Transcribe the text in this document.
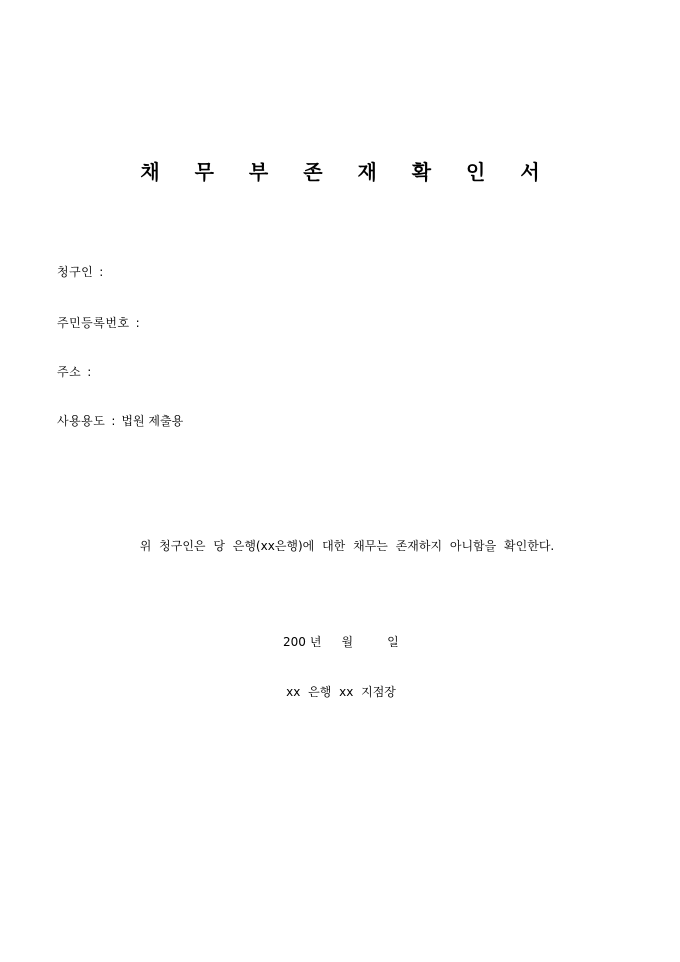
채 무 부 존 재 확 인 서
청구인 :
주민등록번호 :
주소 :
사용용도 : 법원 제출용
위 청구인은 당 은행(xx은행)에 대한 채무는 존재하지 아니함을 확인한다.
200 년 월	일
xx 은행 xx 지점장
